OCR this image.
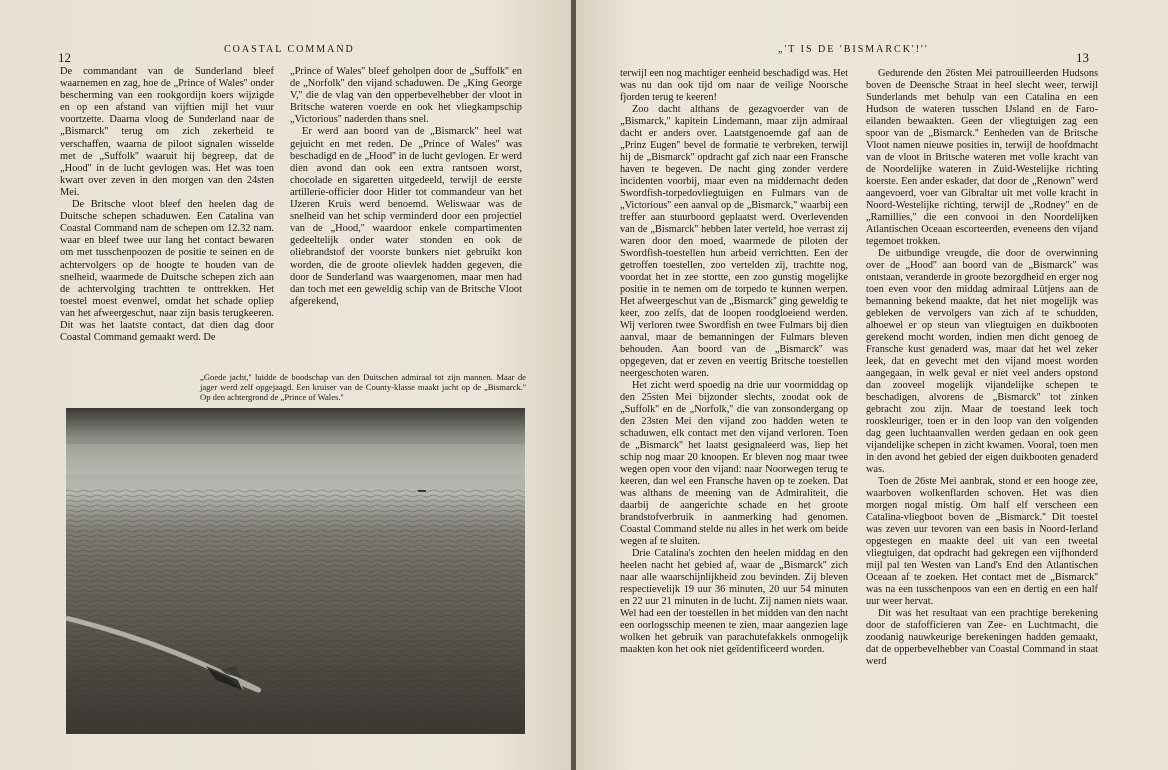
12
COASTAL COMMAND

De commandant van de Sunderland bleef waarnemen en zag, hoe de „Prince of Wales'' onder bescherming van een rookgordijn koers wijzigde en op een afstand van vijftien mijl het vuur voortzette. Daarna vloog de Sunderland naar de „Bismarck'' terug om zich zekerheid te verschaffen, waarna de piloot signalen wisselde met de „Suffolk'' waaruit hij begreep, dat de „Hood'' in de lucht gevlogen was. Het was toen kwart over zeven in den morgen van den 24sten Mei.

De Britsche vloot bleef den heelen dag de Duitsche schepen schaduwen. Een Catalina van Coastal Command nam de schepen om 12.32 nam. waar en bleef twee uur lang het contact bewaren om met tusschenpoozen de positie te seinen en de achtervolgers op de hoogte te houden van de snelheid, waarmede de Duitsche schepen zich aan de achtervolging trachtten te onttrekken. Het toestel moest evenwel, omdat het schade opliep van het afweergeschut, naar zijn basis terugkeeren. Dit was het laatste contact, dat dien dag door Coastal Command gemaakt werd. De

„Prince of Wales'' bleef geholpen door de „Suffolk'' en de „Norfolk'' den vijand schaduwen. De „King George V,'' die de vlag van den opperbevelhebber der vloot in Britsche wateren voerde en ook het vliegkampschip „Victorious'' naderden thans snel.

Er werd aan boord van de „Bismarck'' heel wat gejuicht en met reden. De „Prince of Wales'' was beschadigd en de „Hood'' in de lucht gevlogen. Er werd dien avond dan ook een extra rantsoen worst, chocolade en sigaretten uitgedeeld, terwijl de eerste artillerie-officier door Hitler tot commandeur van het IJzeren Kruis werd benoemd. Weliswaar was de snelheid van het schip verminderd door een projectiel van de „Hood,'' waardoor enkele compartimenten gedeeltelijk onder water stonden en ook de oliebrandstof der voorste bunkers niet gebruikt kon worden, die de groote olievlek hadden gegeven, die door de Sunderland was waargenomen, maar men had dan toch met een geweldig schip van de Britsche Vloot afgerekend,

„Goede jacht,'' luidde de boodschap van den Duitschen admiraal tot zijn mannen. Maar de jager werd zelf opgejaagd. Een kruiser van de County-klasse maakt jacht op de „Bismarck.'' Op den achtergrond de „Prince of Wales.''
„'T IS DE 'BISMARCK'!''
13

terwijl een nog machtiger eenheid beschadigd was. Het was nu dan ook tijd om naar de veilige Noorsche fjorden terug te keeren!

Zoo dacht althans de gezagvoerder van de „Bismarck,'' kapitein Lindemann, maar zijn admiraal dacht er anders over. Laatstgenoemde gaf aan de „Prinz Eugen'' bevel de formatie te verbreken, terwijl hij de „Bismarck'' opdracht gaf zich naar een Fransche haven te begeven. De nacht ging zonder verdere incidenten voorbij, maar even na middernacht deden Swordfish-torpedovliegtuigen en Fulmars van de „Victorious'' een aanval op de „Bismarck,'' waarbij een treffer aan stuurboord geplaatst werd. Overlevenden van de „Bismarck'' hebben later verteld, hoe verrast zij waren door den moed, waarmede de piloten der Swordfish-toestellen hun arbeid verrichtten. Een der getroffen toestellen, zoo vertelden zij, trachtte nog, voordat het in zee stortte, een zoo gunstig mogelijke positie in te nemen om de torpedo te kunnen werpen. Het afweergeschut van de „Bismarck'' ging geweldig te keer, zoo zelfs, dat de loopen roodgloeiend werden. Wij verloren twee Swordfish en twee Fulmars bij dien aanval, maar de bemanningen der Fulmars bleven behouden. Aan boord van de „Bismarck'' was opgegeven, dat er zeven en veertig Britsche toestellen neergeschoten waren.

Het zicht werd spoedig na drie uur voormiddag op den 25sten Mei bijzonder slechts, zoodat ook de „Suffolk'' en de „Norfolk,'' die van zonsondergang op den 23sten Mei den vijand zoo hadden weten te schaduwen, elk contact met den vijand verloren. Toen de „Bismarck'' het laatst gesignaleerd was, liep het schip nog maar 20 knoopen. Er bleven nog maar twee wegen open voor den vijand: naar Noorwegen terug te keeren, dan wel een Fransche haven op te zoeken. Dat was althans de meening van de Admiraliteit, die daarbij de aangerichte schade en het groote brandstofverbruik in aanmerking had genomen. Coastal Command stelde nu alles in het werk om beide wegen af te sluiten.

Drie Catalina's zochten den heelen middag en den heelen nacht het gebied af, waar de „Bismarck'' zich naar alle waarschijnlijkheid zou bevinden. Zij bleven respectievelijk 19 uur 36 minuten, 20 uur 54 minuten en 22 uur 21 minuten in de lucht. Zij namen niets waar. Wel had een der toestellen in het midden van den nacht een oorlogsschip meenen te zien, maar aangezien lage wolken het gebruik van parachutefakkels onmogelijk maakten kon het ook niet geïdentificeerd worden.

Gedurende den 26sten Mei patrouilleerden Hudsons boven de Deensche Straat in heel slecht weer, terwijl Sunderlands met behulp van een Catalina en een Hudson de wateren tusschen IJsland en de Faro-eilanden bewaakten. Geen der vliegtuigen zag een spoor van de „Bismarck.'' Eenheden van de Britsche Vloot namen nieuwe posities in, terwijl de hoofdmacht van de vloot in Britsche wateren met volle kracht van de Noordelijke wateren in Zuid-Westelijke richting koerste. Een ander eskader, dat door de „Renown'' werd aangevoerd, voer van Gibraltar uit met volle kracht in Noord-Westelijke richting, terwijl de „Rodney'' en de „Ramillies,'' die een convooi in den Noordelijken Atlantischen Oceaan escorteerden, eveneens den vijand tegemoet trokken.

De uitbundige vreugde, die door de overwinning over de „Hood'' aan boord van de „Bismarck'' was ontstaan, veranderde in groote bezorgdheid en erger nog toen even voor den middag admiraal Lütjens aan de bemanning bekend maakte, dat het niet mogelijk was gebleken de vervolgers van zich af te schudden, alhoewel er op steun van vliegtuigen en duikbooten gerekend mocht worden, indien men dicht genoeg de Fransche kust genaderd was, maar dat het wel zeker leek, dat en gevecht met den vijand moest worden aangegaan, in welk geval er niet veel anders opstond dan zooveel mogelijk vijandelijke schepen te beschadigen, alvorens de „Bismarck'' tot zinken gebracht zou zijn. Maar de toestand leek toch rooskleuriger, toen er in den loop van den volgenden dag geen luchtaanvallen werden gedaan en ook geen vijandelijke schepen in zicht kwamen. Vooral, toen men in den avond het gebied der eigen duikbooten genaderd was.

Toen de 26ste Mei aanbrak, stond er een hooge zee, waarboven wolkenflarden schoven. Het was dien morgen nogal mistig. Om half elf verscheen een Catalina-vliegboot boven de „Bismarck.'' Dit toestel was zeven uur tevoren van een basis in Noord-Ierland opgestegen en maakte deel uit van een tweetal vliegtuigen, dat opdracht had gekregen een vijfhonderd mijl pal ten Westen van Land's End den Atlantischen Oceaan af te zoeken. Het contact met de „Bismarck'' was na een tusschenpoos van een en dertig en een half uur weer hervat.

Dit was het resultaat van een prachtige berekening door de stafofficieren van Zee- en Luchtmacht, die zoodanig nauwkeurige berekeningen hadden gemaakt, dat de opperbevelhebber van Coastal Command in staat werd
